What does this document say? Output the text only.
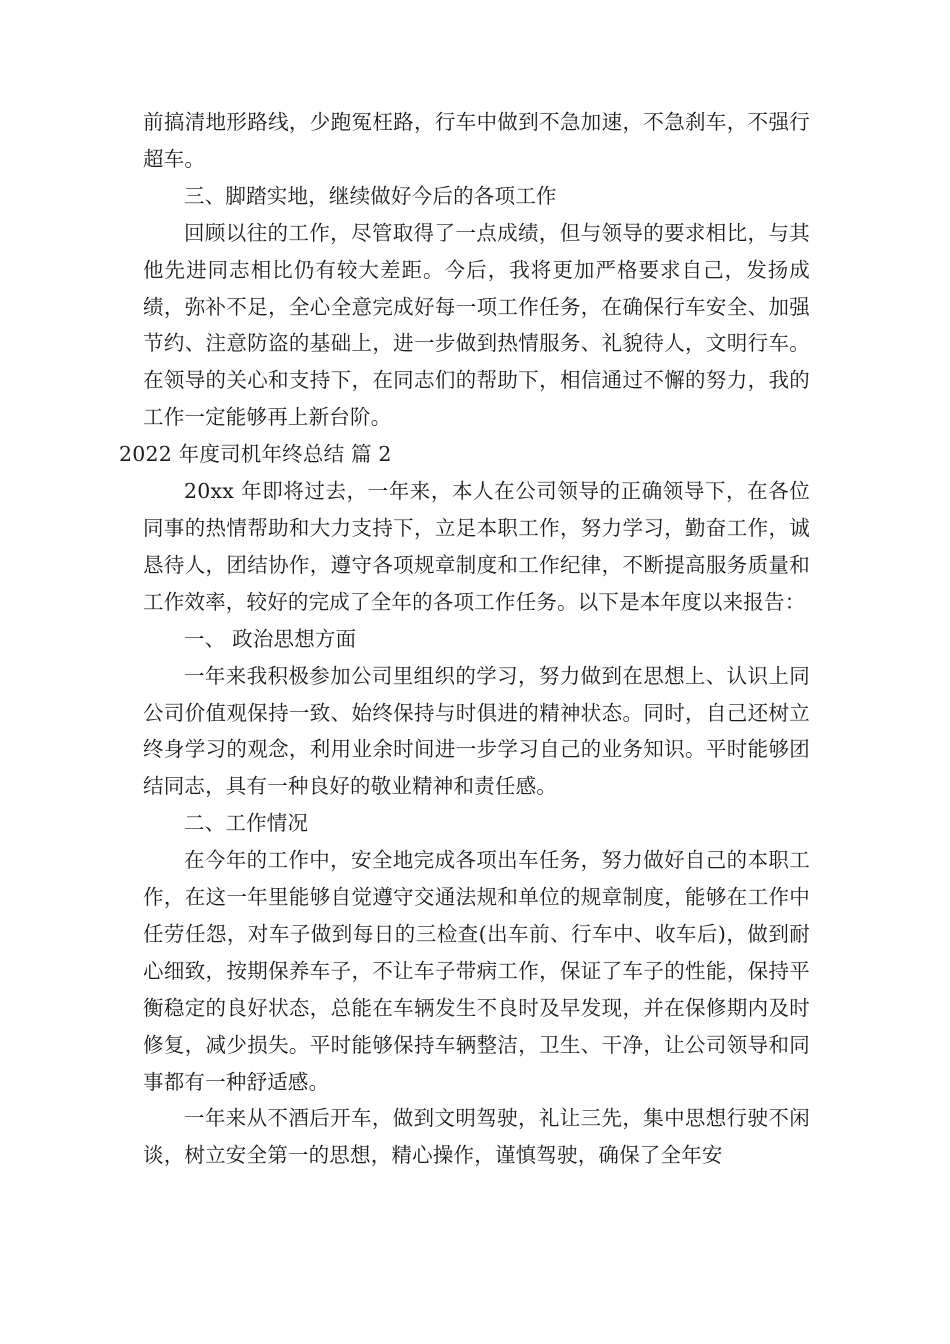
前搞清地形路线，少跑冤枉路，行车中做到不急加速，不急刹车，不强行超车。

三、脚踏实地，继续做好今后的各项工作

回顾以往的工作，尽管取得了一点成绩，但与领导的要求相比，与其他先进同志相比仍有较大差距。今后，我将更加严格要求自己，发扬成绩，弥补不足，全心全意完成好每一项工作任务，在确保行车安全、加强节约、注意防盗的基础上，进一步做到热情服务、礼貌待人，文明行车。在领导的关心和支持下，在同志们的帮助下，相信通过不懈的努力，我的工作一定能够再上新台阶。

2022 年度司机年终总结 篇 2

20xx 年即将过去，一年来，本人在公司领导的正确领导下，在各位同事的热情帮助和大力支持下，立足本职工作，努力学习，勤奋工作，诚恳待人，团结协作，遵守各项规章制度和工作纪律，不断提高服务质量和工作效率，较好的完成了全年的各项工作任务。以下是本年度以来报告：

一、 政治思想方面

一年来我积极参加公司里组织的学习，努力做到在思想上、认识上同公司价值观保持一致、始终保持与时俱进的精神状态。同时，自己还树立终身学习的观念，利用业余时间进一步学习自己的业务知识。平时能够团结同志，具有一种良好的敬业精神和责任感。

二、工作情况

在今年的工作中，安全地完成各项出车任务，努力做好自己的本职工作，在这一年里能够自觉遵守交通法规和单位的规章制度，能够在工作中任劳任怨，对车子做到每日的三检查(出车前、行车中、收车后)，做到耐心细致，按期保养车子，不让车子带病工作，保证了车子的性能，保持平衡稳定的良好状态，总能在车辆发生不良时及早发现，并在保修期内及时修复，减少损失。平时能够保持车辆整洁，卫生、干净，让公司领导和同事都有一种舒适感。

一年来从不酒后开车，做到文明驾驶，礼让三先，集中思想行驶不闲谈，树立安全第一的思想，精心操作，谨慎驾驶，确保了全年安
